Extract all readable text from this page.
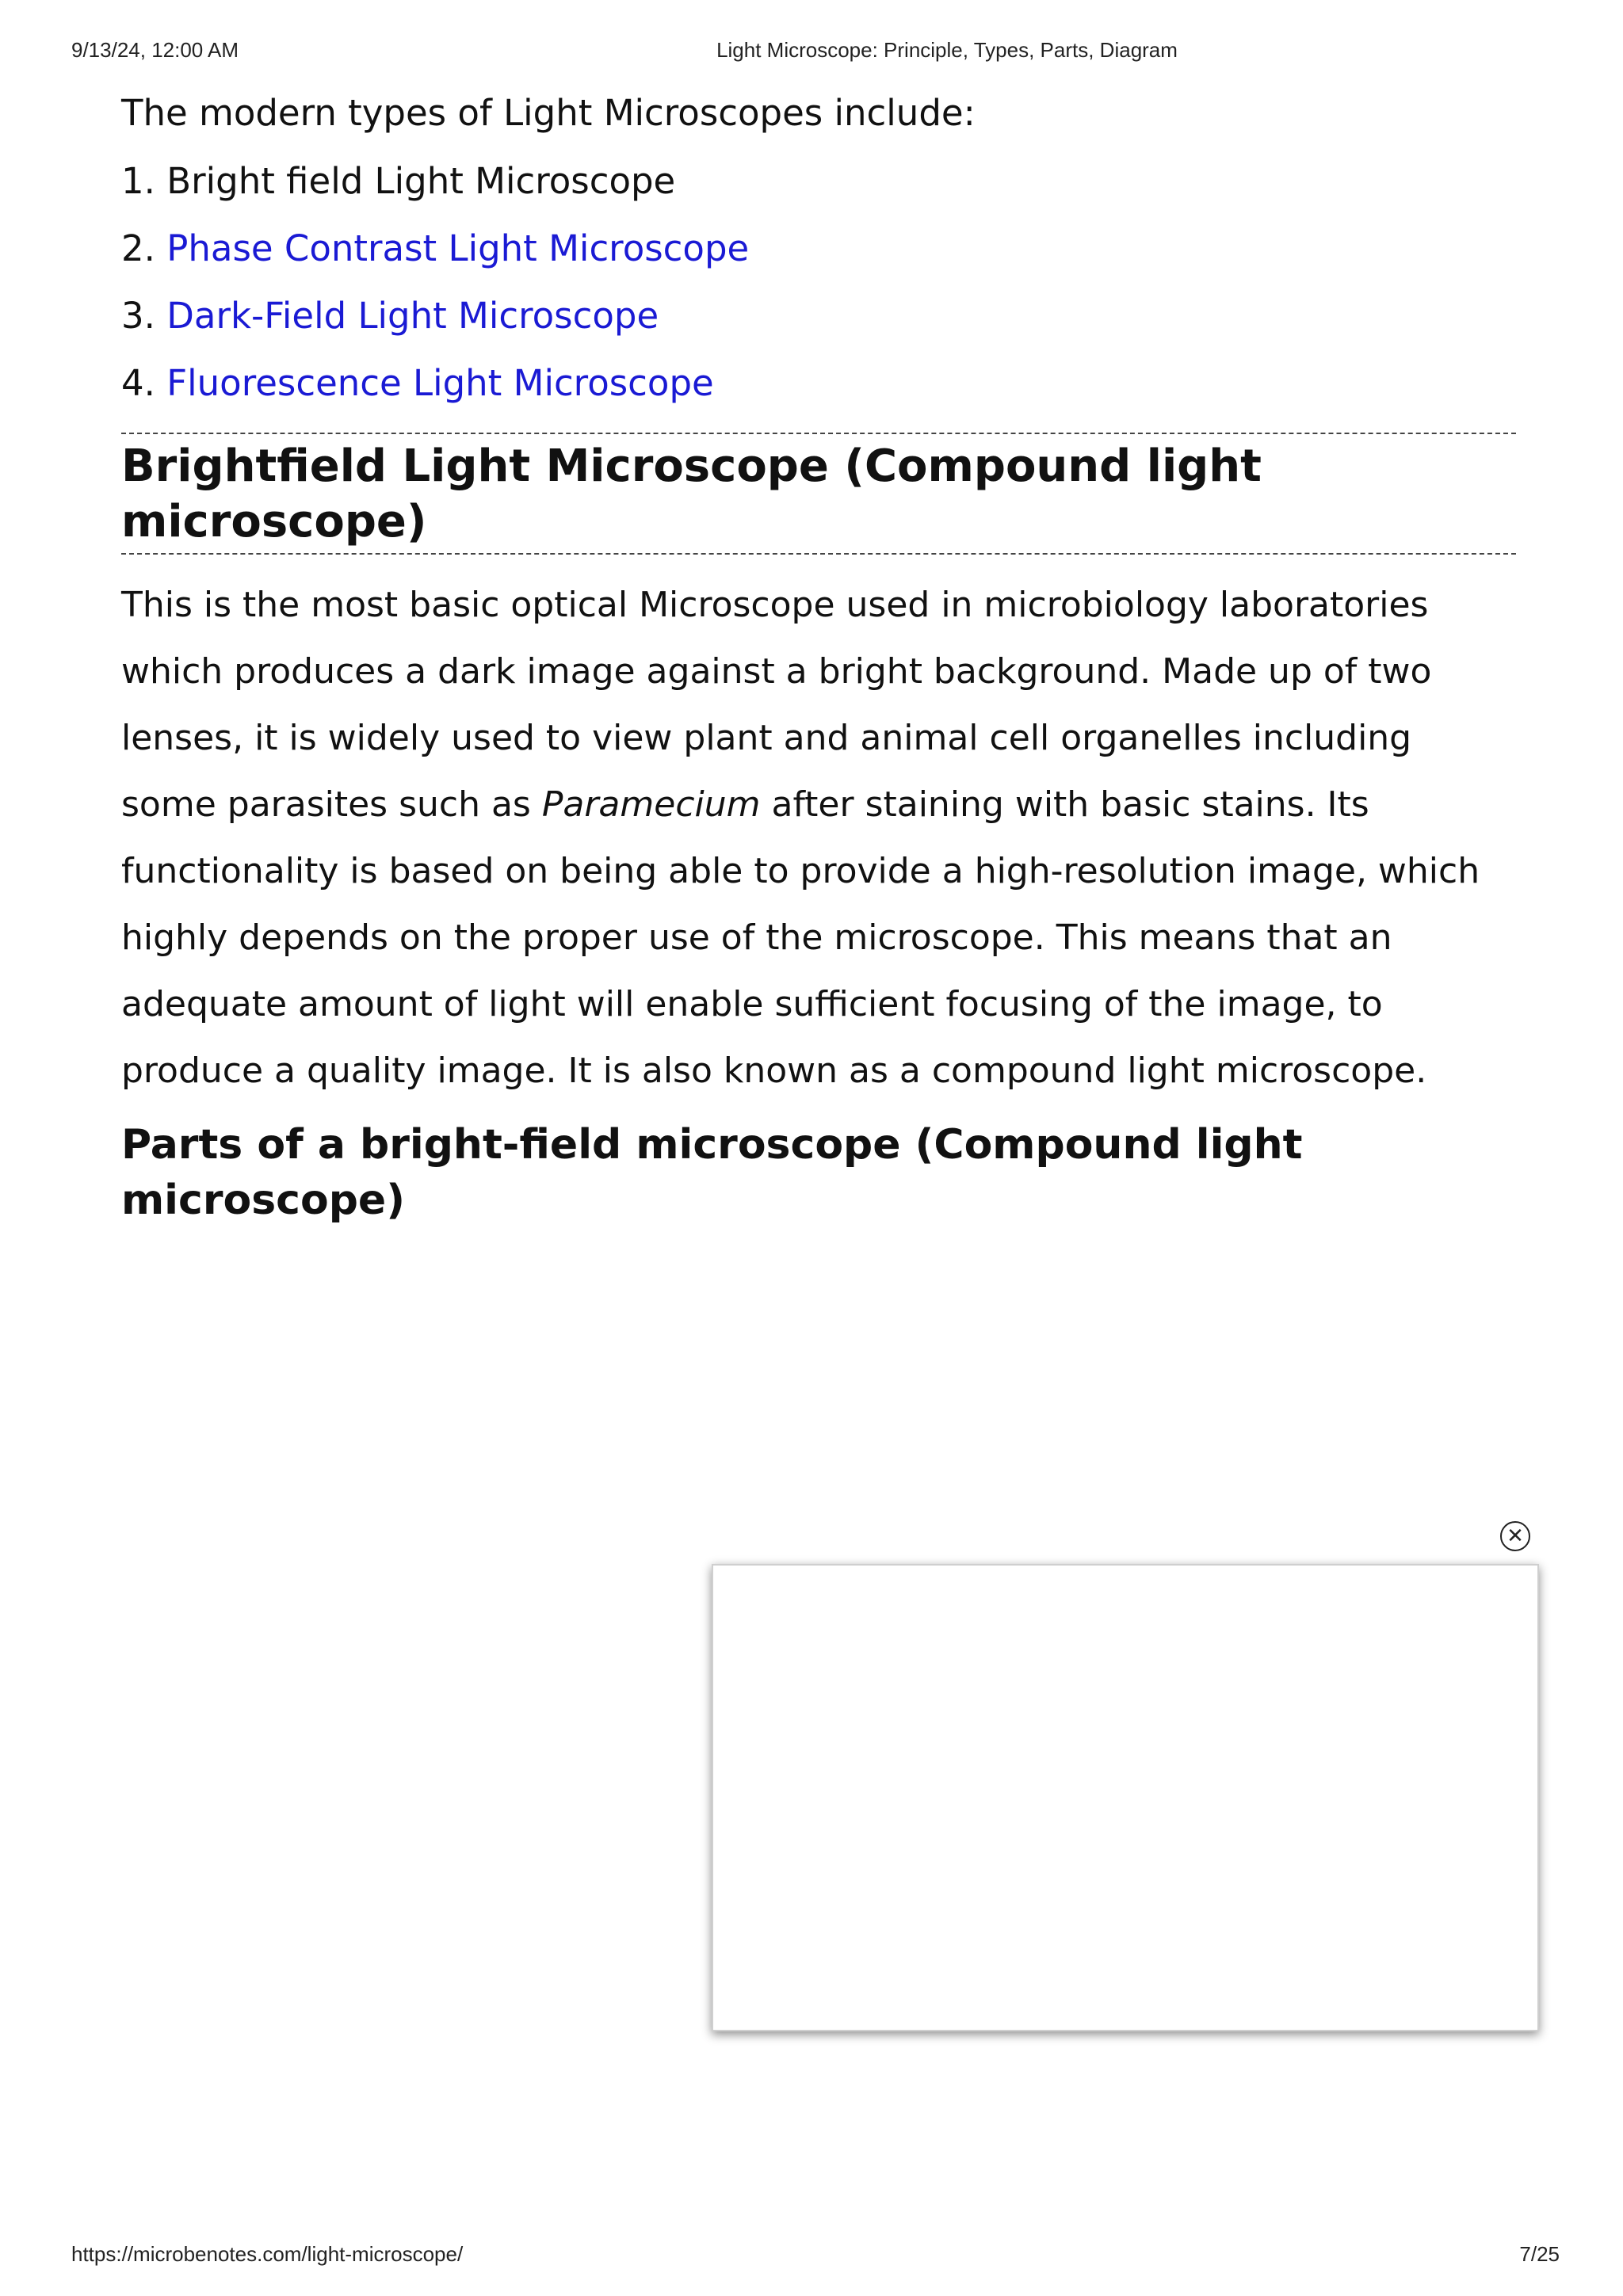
9/13/24, 12:00 AM	Light Microscope: Principle, Types, Parts, Diagram

The modern types of Light Microscopes include:

1. Bright field Light Microscope
2. Phase Contrast Light Microscope
3. Dark-Field Light Microscope
4. Fluorescence Light Microscope
Brightfield Light Microscope (Compound light microscope)

This is the most basic optical Microscope used in microbiology laboratories which produces a dark image against a bright background. Made up of two lenses, it is widely used to view plant and animal cell organelles including some parasites such as Paramecium after staining with basic stains. Its functionality is based on being able to provide a high-resolution image, which highly depends on the proper use of the microscope. This means that an adequate amount of light will enable sufficient focusing of the image, to produce a quality image. It is also known as a compound light microscope.

Parts of a bright-field microscope (Compound light microscope)
✕
https://microbenotes.com/light-microscope/	7/25
